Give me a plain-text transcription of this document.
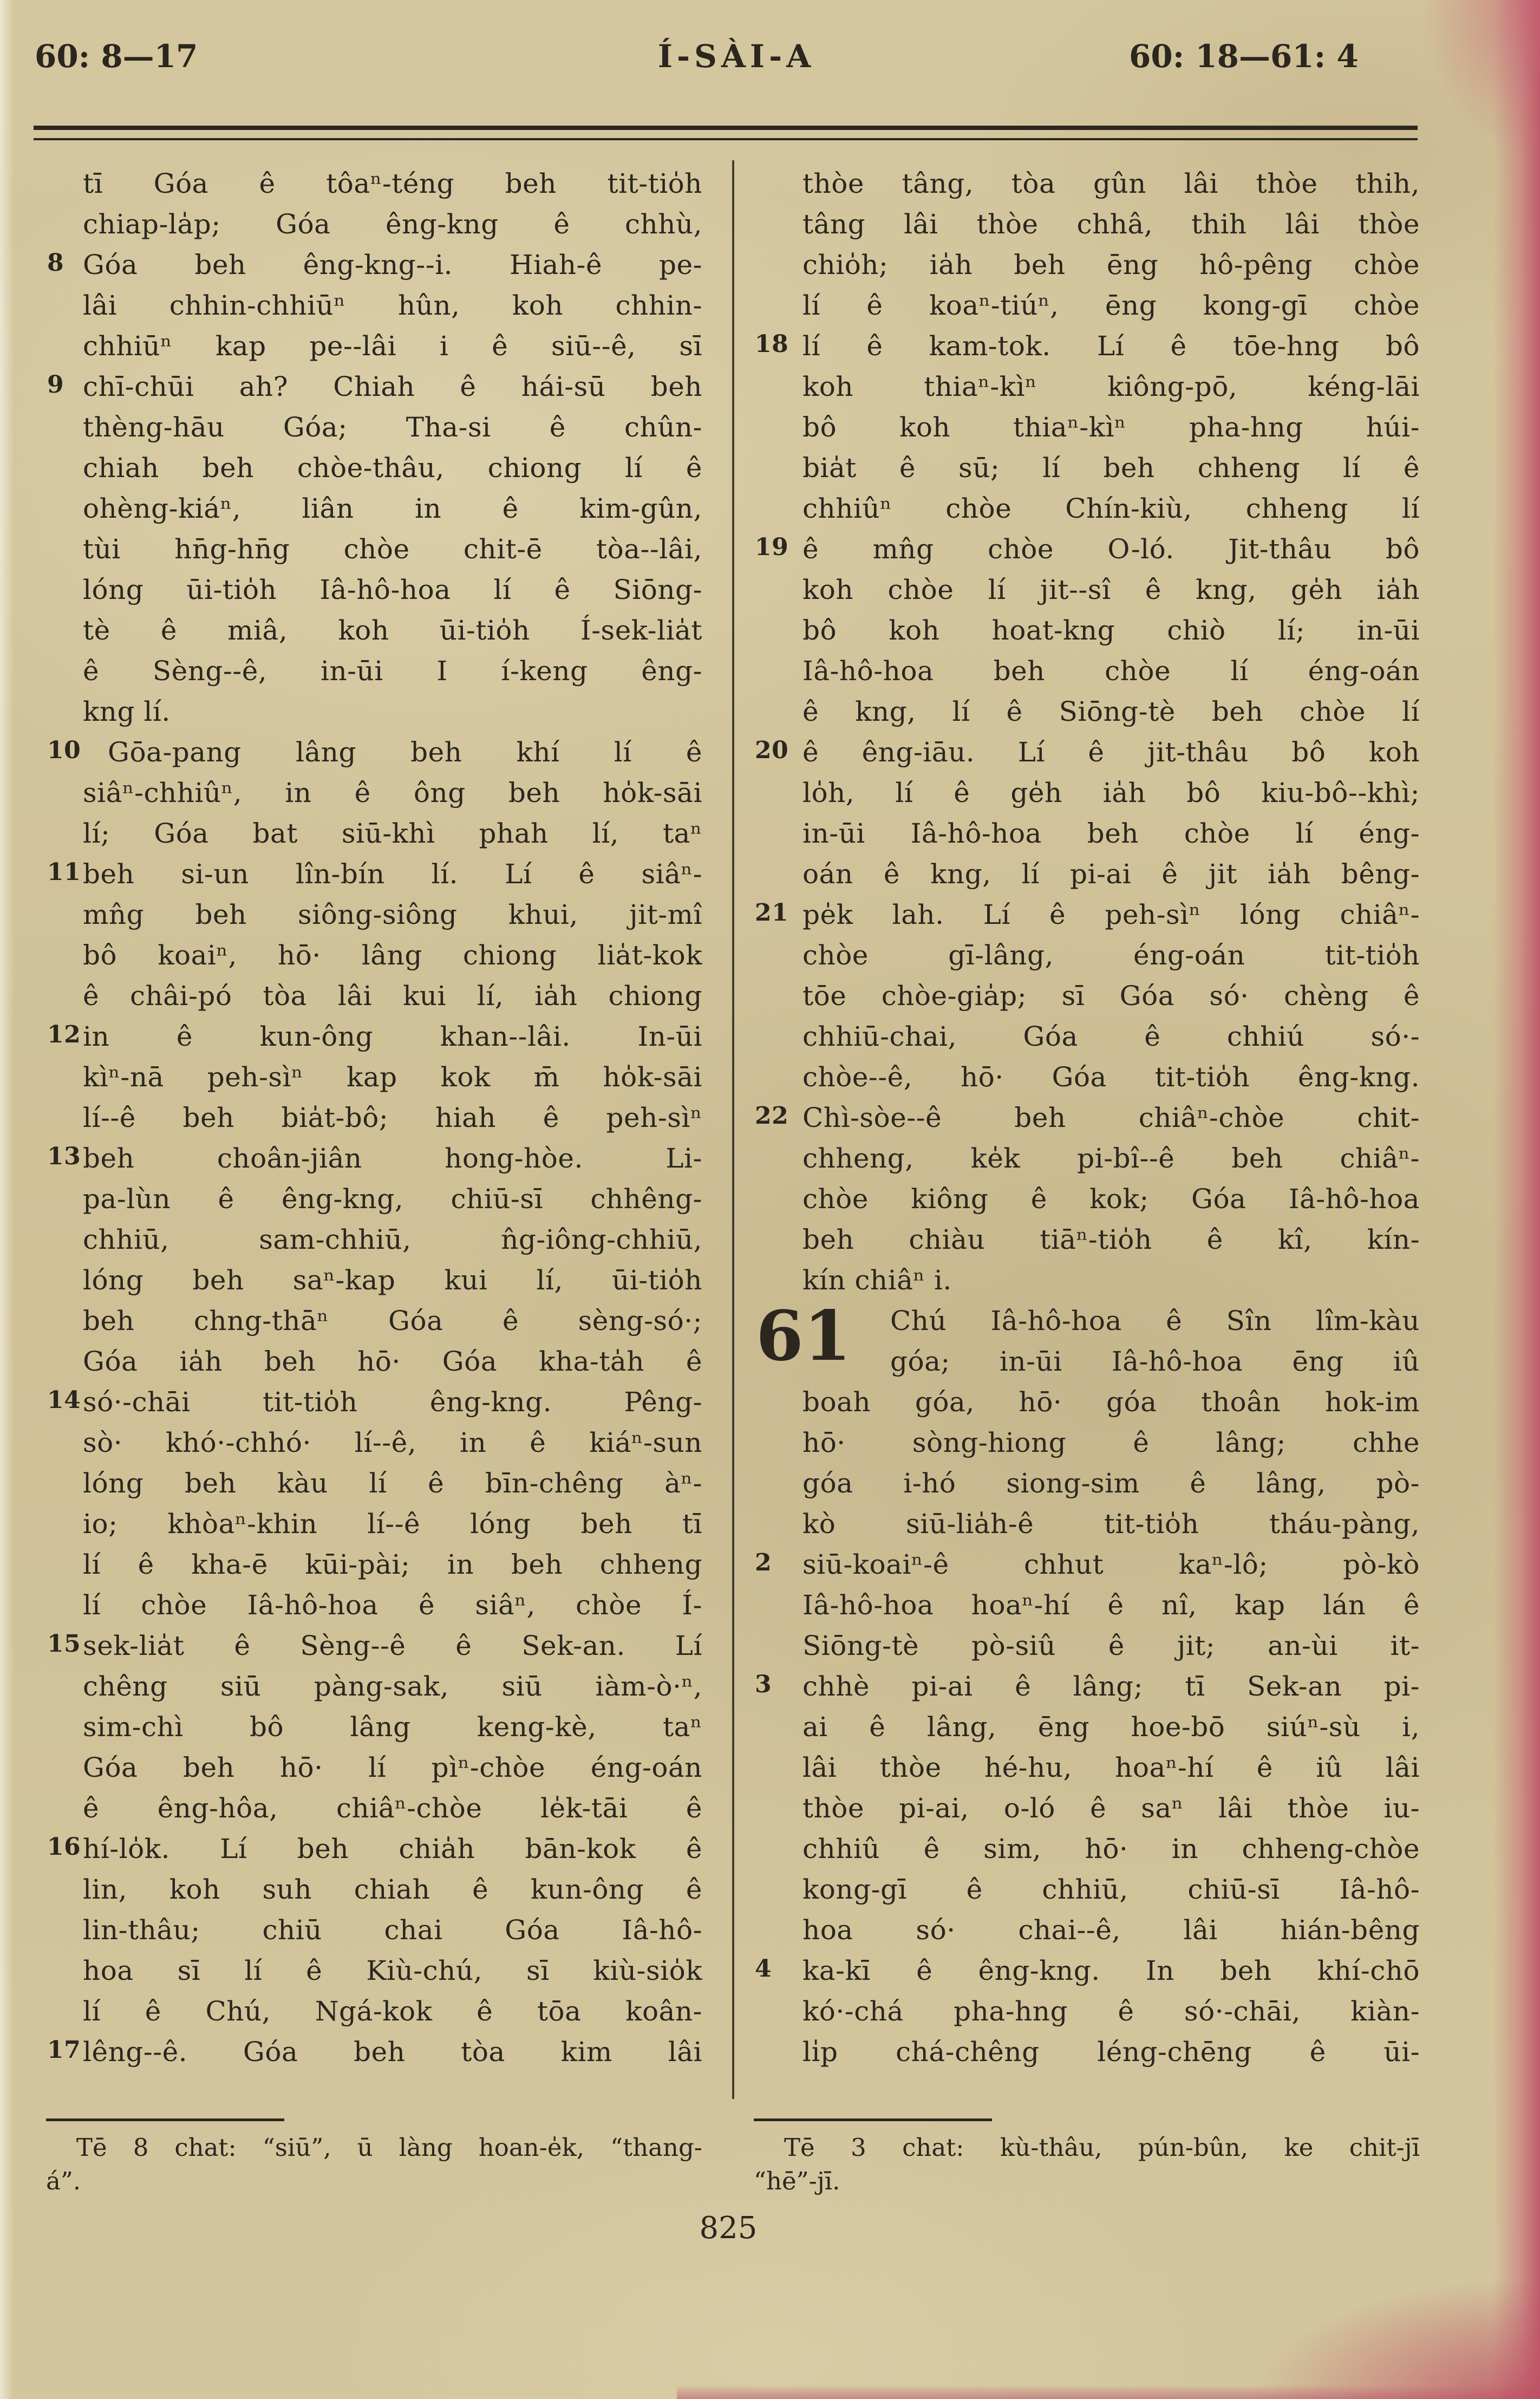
60: 8—17	Í-SÀI-A	60: 18—61: 4
tī Góa ê tôaⁿ-téng beh tit-tio̍h
chiap-la̍p; Góa êng-kng ê chhù,
8 Góa beh êng-kng--i. Hiah-ê pe-
lâi chhin-chhiūⁿ hûn, koh chhin-
chhiūⁿ kap pe--lâi i ê siū--ê, sī
9 chī-chūi ah? Chiah ê hái-sū beh
thèng-hāu Góa; Tha-si ê chûn-
chiah beh chòe-thâu, chiong lí ê
ohèng-kiáⁿ, liân in ê kim-gûn,
tùi hn̄g-hn̄g chòe chit-ē tòa--lâi,
lóng ūi-tio̍h Iâ-hô-hoa lí ê Siōng-
tè ê miâ, koh ūi-tio̍h Í-sek-lia̍t
ê Sèng--ê, in-ūi I í-keng êng-
kng lí.
10 Gōa-pang lâng beh khí lí ê
siâⁿ-chhiûⁿ, in ê ông beh ho̍k-sāi
lí; Góa bat siū-khì phah lí, taⁿ
11 beh si-un lîn-bín lí. Lí ê siâⁿ-
mn̂g beh siông-siông khui, jit-mî
bô koaiⁿ, hō· lâng chiong lia̍t-kok
ê châi-pó tòa lâi kui lí, ia̍h chiong
12 in ê kun-ông khan--lâi. In-ūi
kìⁿ-nā peh-sìⁿ kap kok m̄ ho̍k-sāi
lí--ê beh bia̍t-bô; hiah ê peh-sìⁿ
13 beh choân-jiân hong-hòe. Li-
pa-lùn ê êng-kng, chiū-sī chhêng-
chhiū, sam-chhiū, n̂g-iông-chhiū,
lóng beh saⁿ-kap kui lí, ūi-tio̍h
beh chng-thāⁿ Góa ê sèng-só·;
Góa ia̍h beh hō· Góa kha-ta̍h ê
14 só·-chāi tit-tio̍h êng-kng. Pêng-
sò· khó·-chhó· lí--ê, in ê kiáⁿ-sun
lóng beh kàu lí ê bīn-chêng àⁿ-
io; khòaⁿ-khin lí--ê lóng beh tī
lí ê kha-ē kūi-pài; in beh chheng
lí chòe Iâ-hô-hoa ê siâⁿ, chòe Í-
15 sek-lia̍t ê Sèng--ê ê Sek-an. Lí
chêng siū pàng-sak, siū iàm-ò·ⁿ,
sim-chì bô lâng keng-kè, taⁿ
Góa beh hō· lí pìⁿ-chòe éng-oán
ê êng-hôa, chiâⁿ-chòe le̍k-tāi ê
16 hí-lo̍k. Lí beh chia̍h bān-kok ê
lin, koh suh chiah ê kun-ông ê
lin-thâu; chiū chai Góa Iâ-hô-
hoa sī lí ê Kiù-chú, sī kiù-sio̍k
lí ê Chú, Ngá-kok ê tōa koân-
17 lêng--ê. Góa beh tòa kim lâi
thòe tâng, tòa gûn lâi thòe thih,
tâng lâi thòe chhâ, thih lâi thòe
chio̍h; ia̍h beh ēng hô-pêng chòe
lí ê koaⁿ-tiúⁿ, ēng kong-gī chòe
18 lí ê kam-tok. Lí ê tōe-hng bô
koh thiaⁿ-kìⁿ kiông-pō, kéng-lāi
bô koh thiaⁿ-kìⁿ pha-hng húi-
bia̍t ê sū; lí beh chheng lí ê
chhiûⁿ chòe Chín-kiù, chheng lí
19 ê mn̂g chòe O-ló. Jit-thâu bô
koh chòe lí jit--sî ê kng, ge̍h ia̍h
bô koh hoat-kng chiò lí; in-ūi
Iâ-hô-hoa beh chòe lí éng-oán
ê kng, lí ê Siōng-tè beh chòe lí
20 ê êng-iāu. Lí ê jit-thâu bô koh
lo̍h, lí ê ge̍h ia̍h bô kiu-bô--khì;
in-ūi Iâ-hô-hoa beh chòe lí éng-
oán ê kng, lí pi-ai ê jit ia̍h bêng-
21 pe̍k lah. Lí ê peh-sìⁿ lóng chiâⁿ-
chòe gī-lâng, éng-oán tit-tio̍h
tōe chòe-gia̍p; sī Góa só· chèng ê
chhiū-chai, Góa ê chhiú só·-
chòe--ê, hō· Góa tit-tio̍h êng-kng.
22 Chì-sòe--ê beh chiâⁿ-chòe chit-
chheng, ke̍k pi-bî--ê beh chiâⁿ-
chòe kiông ê kok; Góa Iâ-hô-hoa
beh chiàu tiāⁿ-tio̍h ê kî, kín-
kín chiâⁿ i.
61 Chú Iâ-hô-hoa ê Sîn lîm-kàu
góa; in-ūi Iâ-hô-hoa ēng iû
boah góa, hō· góa thoân hok-im
hō· sòng-hiong ê lâng; chhe
góa i-hó siong-sim ê lâng, pò-
kò siū-lia̍h-ê tit-tio̍h tháu-pàng,
2 siū-koaiⁿ-ê chhut kaⁿ-lô; pò-kò
Iâ-hô-hoa hoaⁿ-hí ê nî, kap lán ê
Siōng-tè pò-siû ê jit; an-ùi it-
3 chhè pi-ai ê lâng; tī Sek-an pi-
ai ê lâng, ēng hoe-bō siúⁿ-sù i,
lâi thòe hé-hu, hoaⁿ-hí ê iû lâi
thòe pi-ai, o-ló ê saⁿ lâi thòe iu-
chhiû ê sim, hō· in chheng-chòe
kong-gī ê chhiū, chiū-sī Iâ-hô-
hoa só· chai--ê, lâi hián-bêng
4 ka-kī ê êng-kng. In beh khí-chō
kó·-chá pha-hng ê só·-chāi, kiàn-
li̍p chá-chêng léng-chēng ê ūi-
Tē 8 chat: “siū”, ū làng hoan-e̍k, “thang-
á”.
Tē 3 chat: kù-thâu, pún-bûn, ke chit-jī
“hē”-jī.
825
